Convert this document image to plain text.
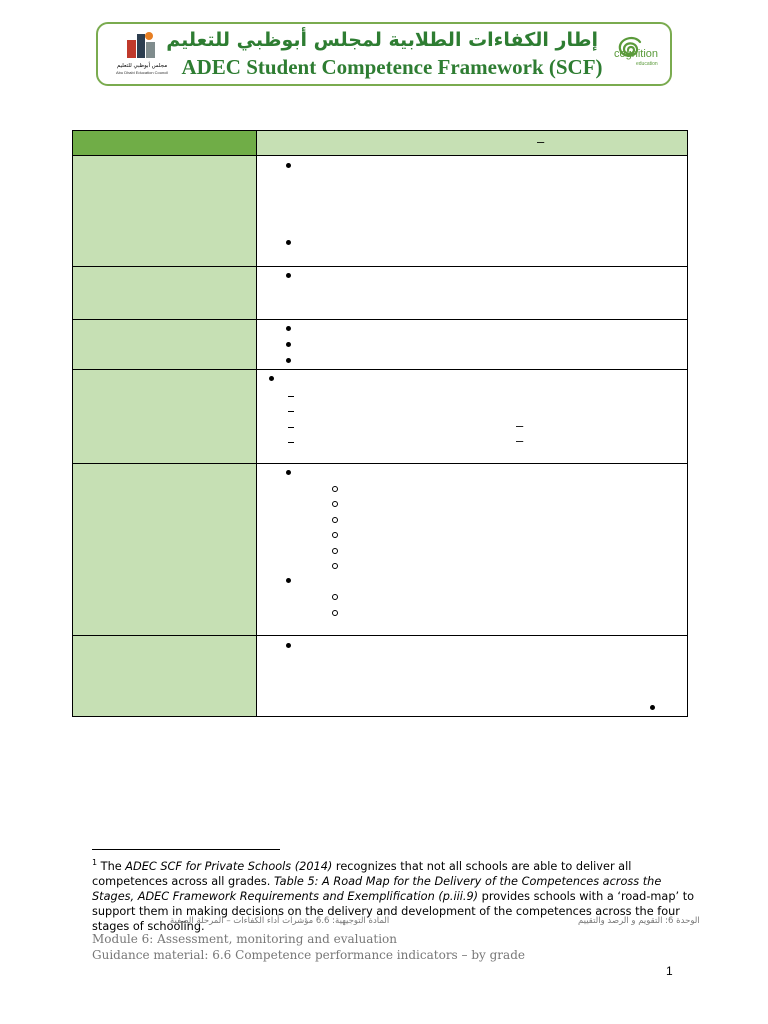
مجلس أبوظبي للتعليم
Abu Dhabi Education Council
إطار الكفاءات الطلابية لمجلس أبوظبي للتعليم
ADEC Student Competence Framework (SCF)
cognition
education
–
–
–
$^1$ The ADEC SCF for Private Schools (2014) recognizes that not all schools are able to deliver all competences across all grades. Table 5: A Road Map for the Delivery of the Competences across the Stages, ADEC Framework Requirements and Exemplification (p.iii.9) provides schools with a ‘road-map’ to support them in making decisions on the delivery and development of the competences across the four stages of schooling.
المادة التوجيهية: 6.6 مؤشرات أداء الكفاءات – المرحلة الصفية	الوحدة 6: التقويم و الرصد والتقييم
Module 6: Assessment, monitoring and evaluation
Guidance material: 6.6 Competence performance indicators – by grade
1
